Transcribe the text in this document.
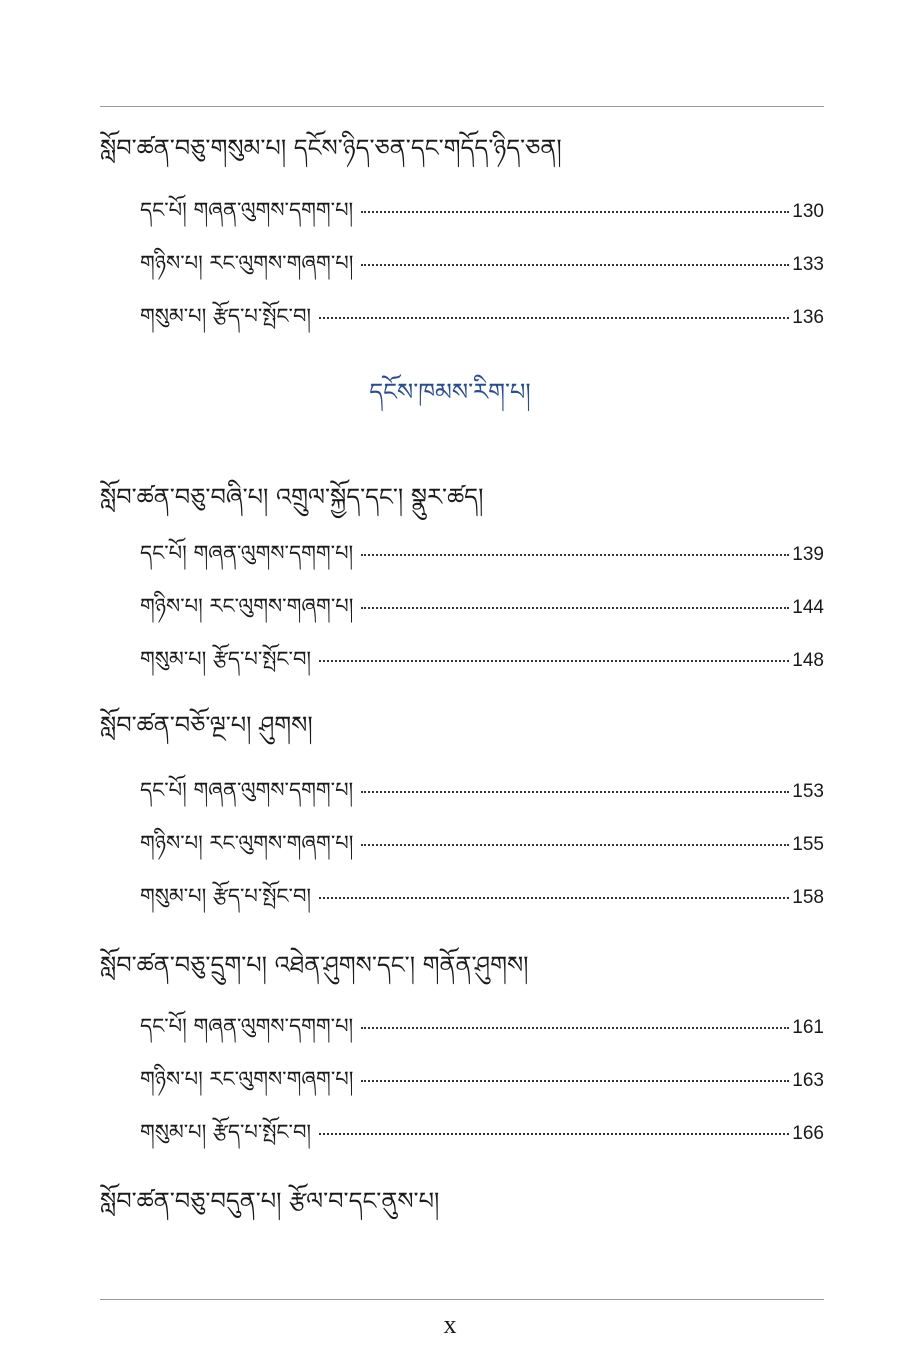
སློབ་ཚན་བཅུ་གསུམ་པ། དངོས་ཉིད་ཅན་དང་གདོད་ཉིད་ཅན།
དང་པོ། གཞན་ལུགས་དགག་པ།	130
གཉིས་པ། རང་ལུགས་གཞག་པ།	133
གསུམ་པ། རྩོད་པ་སྤོང་བ།	136
དངོས་ཁམས་རིག་པ།
སློབ་ཚན་བཅུ་བཞི་པ། འགྲུལ་སྐྱོད་དང་། སྣུར་ཚད།
དང་པོ། གཞན་ལུགས་དགག་པ།	139
གཉིས་པ། རང་ལུགས་གཞག་པ།	144
གསུམ་པ། རྩོད་པ་སྤོང་བ།	148
སློབ་ཚན་བཅོ་ལྔ་པ། ཤུགས།
དང་པོ། གཞན་ལུགས་དགག་པ།	153
གཉིས་པ། རང་ལུགས་གཞག་པ།	155
གསུམ་པ། རྩོད་པ་སྤོང་བ།	158
སློབ་ཚན་བཅུ་དྲུག་པ། འཐེན་ཤུགས་དང་། གནོན་ཤུགས།
དང་པོ། གཞན་ལུགས་དགག་པ།	161
གཉིས་པ། རང་ལུགས་གཞག་པ།	163
གསུམ་པ། རྩོད་པ་སྤོང་བ།	166
སློབ་ཚན་བཅུ་བདུན་པ། རྩོལ་བ་དང་ནུས་པ།
x
